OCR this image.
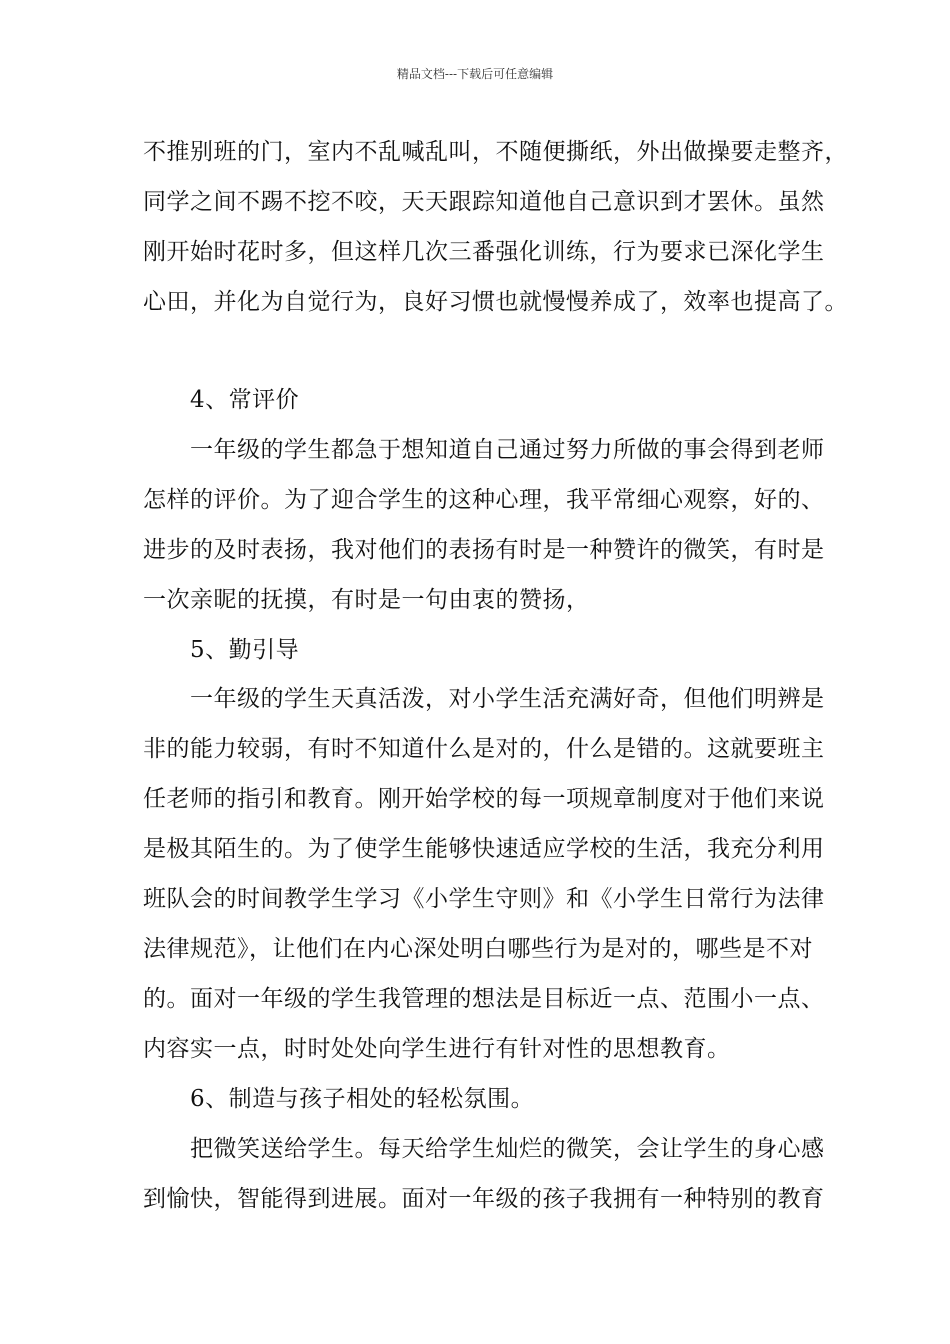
精品文档---下载后可任意编辑
不推别班的门，室内不乱喊乱叫，不随便撕纸，外出做操要走整齐，
同学之间不踢不挖不咬，天天跟踪知道他自己意识到才罢休。虽然
刚开始时花时多，但这样几次三番强化训练，行为要求已深化学生
心田，并化为自觉行为，良好习惯也就慢慢养成了，效率也提高了。
4、常评价
一年级的学生都急于想知道自己通过努力所做的事会得到老师
怎样的评价。为了迎合学生的这种心理，我平常细心观察，好的、
进步的及时表扬，我对他们的表扬有时是一种赞许的微笑，有时是
一次亲昵的抚摸，有时是一句由衷的赞扬，
5、勤引导
一年级的学生天真活泼，对小学生活充满好奇，但他们明辨是
非的能力较弱，有时不知道什么是对的，什么是错的。这就要班主
任老师的指引和教育。刚开始学校的每一项规章制度对于他们来说
是极其陌生的。为了使学生能够快速适应学校的生活，我充分利用
班队会的时间教学生学习《小学生守则》和《小学生日常行为法律
法律规范》，让他们在内心深处明白哪些行为是对的，哪些是不对
的。面对一年级的学生我管理的想法是目标近一点、范围小一点、
内容实一点，时时处处向学生进行有针对性的思想教育。
6、制造与孩子相处的轻松氛围。
把微笑送给学生。每天给学生灿烂的微笑，会让学生的身心感
到愉快，智能得到进展。面对一年级的孩子我拥有一种特别的教育
